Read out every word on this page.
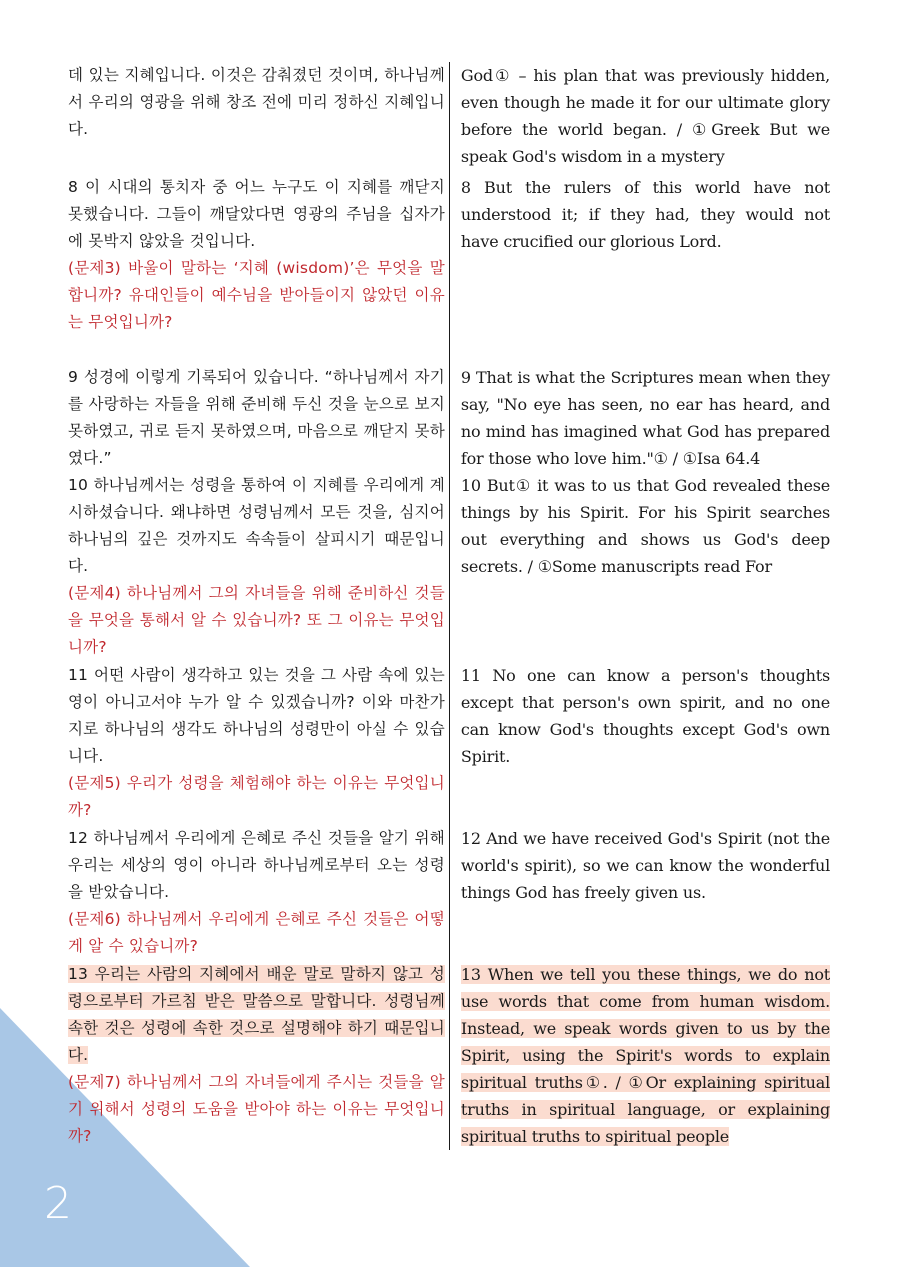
데 있는 지혜입니다. 이것은 감춰졌던 것이며, 하나님께서 우리의 영광을 위해 창조 전에 미리 정하신 지혜입니다.	God① – his plan that was previously hidden, even though he made it for our ultimate glory before the world began. / ①Greek But we speak God's wisdom in a mystery

8 이 시대의 통치자 중 어느 누구도 이 지혜를 깨닫지 못했습니다. 그들이 깨달았다면 영광의 주님을 십자가에 못박지 않았을 것입니다.
(문제3) 바울이 말하는 ‘지혜 (wisdom)’은 무엇을 말합니까? 유대인들이 예수님을 받아들이지 않았던 이유는 무엇입니까?	8 But the rulers of this world have not understood it; if they had, they would not have crucified our glorious Lord.

9 성경에 이렇게 기록되어 있습니다. “하나님께서 자기를 사랑하는 자들을 위해 준비해 두신 것을 눈으로 보지 못하였고, 귀로 듣지 못하였으며, 마음으로 깨닫지 못하였다.”	9 That is what the Scriptures mean when they say, "No eye has seen, no ear has heard, and no mind has imagined what God has prepared for those who love him."① / ①Isa 64.4

10 하나님께서는 성령을 통하여 이 지혜를 우리에게 계시하셨습니다. 왜냐하면 성령님께서 모든 것을, 심지어 하나님의 깊은 것까지도 속속들이 살피시기 때문입니다.
(문제4) 하나님께서 그의 자녀들을 위해 준비하신 것들을 무엇을 통해서 알 수 있습니까? 또 그 이유는 무엇입니까?	10 But① it was to us that God revealed these things by his Spirit. For his Spirit searches out everything and shows us God's deep secrets. / ①Some manuscripts read For

11 어떤 사람이 생각하고 있는 것을 그 사람 속에 있는 영이 아니고서야 누가 알 수 있겠습니까? 이와 마찬가지로 하나님의 생각도 하나님의 성령만이 아실 수 있습니다.
(문제5) 우리가 성령을 체험해야 하는 이유는 무엇입니까?	11 No one can know a person's thoughts except that person's own spirit, and no one can know God's thoughts except God's own Spirit.

12 하나님께서 우리에게 은혜로 주신 것들을 알기 위해 우리는 세상의 영이 아니라 하나님께로부터 오는 성령을 받았습니다.
(문제6) 하나님께서 우리에게 은혜로 주신 것들은 어떻게 알 수 있습니까?	12 And we have received God's Spirit (not the world's spirit), so we can know the wonderful things God has freely given us.

13 우리는 사람의 지혜에서 배운 말로 말하지 않고 성령으로부터 가르침 받은 말씀으로 말합니다. 성령님께 속한 것은 성령에 속한 것으로 설명해야 하기 때문입니다.
(문제7) 하나님께서 그의 자녀들에게 주시는 것들을 알기 위해서 성령의 도움을 받아야 하는 이유는 무엇입니까?	13 When we tell you these things, we do not use words that come from human wisdom. Instead, we speak words given to us by the Spirit, using the Spirit's words to explain spiritual truths①. / ①Or explaining spiritual truths in spiritual language, or explaining spiritual truths to spiritual people
2
